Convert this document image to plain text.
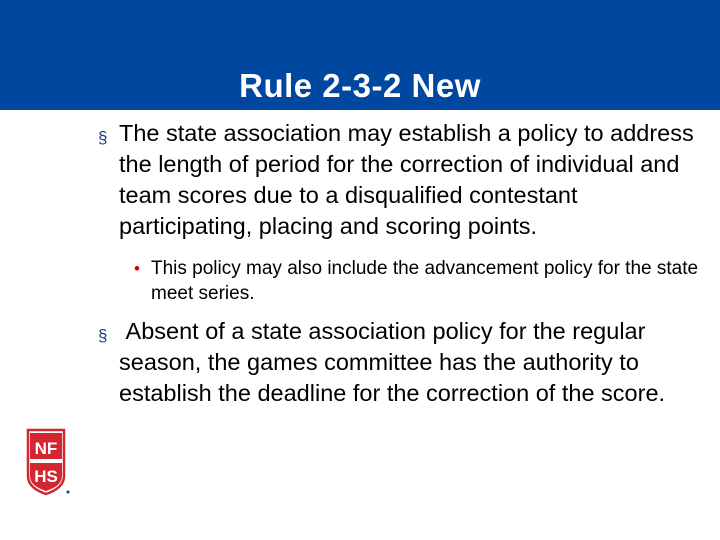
Rule 2-3-2 New
§ The state association may establish a policy to address the length of period for the correction of individual and team scores due to a disqualified contestant participating, placing and scoring points.
• This policy may also include the advancement policy for the state meet series.
§ Absent of a state association policy for the regular season, the games committee has the authority to establish the deadline for the correction of the score.
NF
HS
